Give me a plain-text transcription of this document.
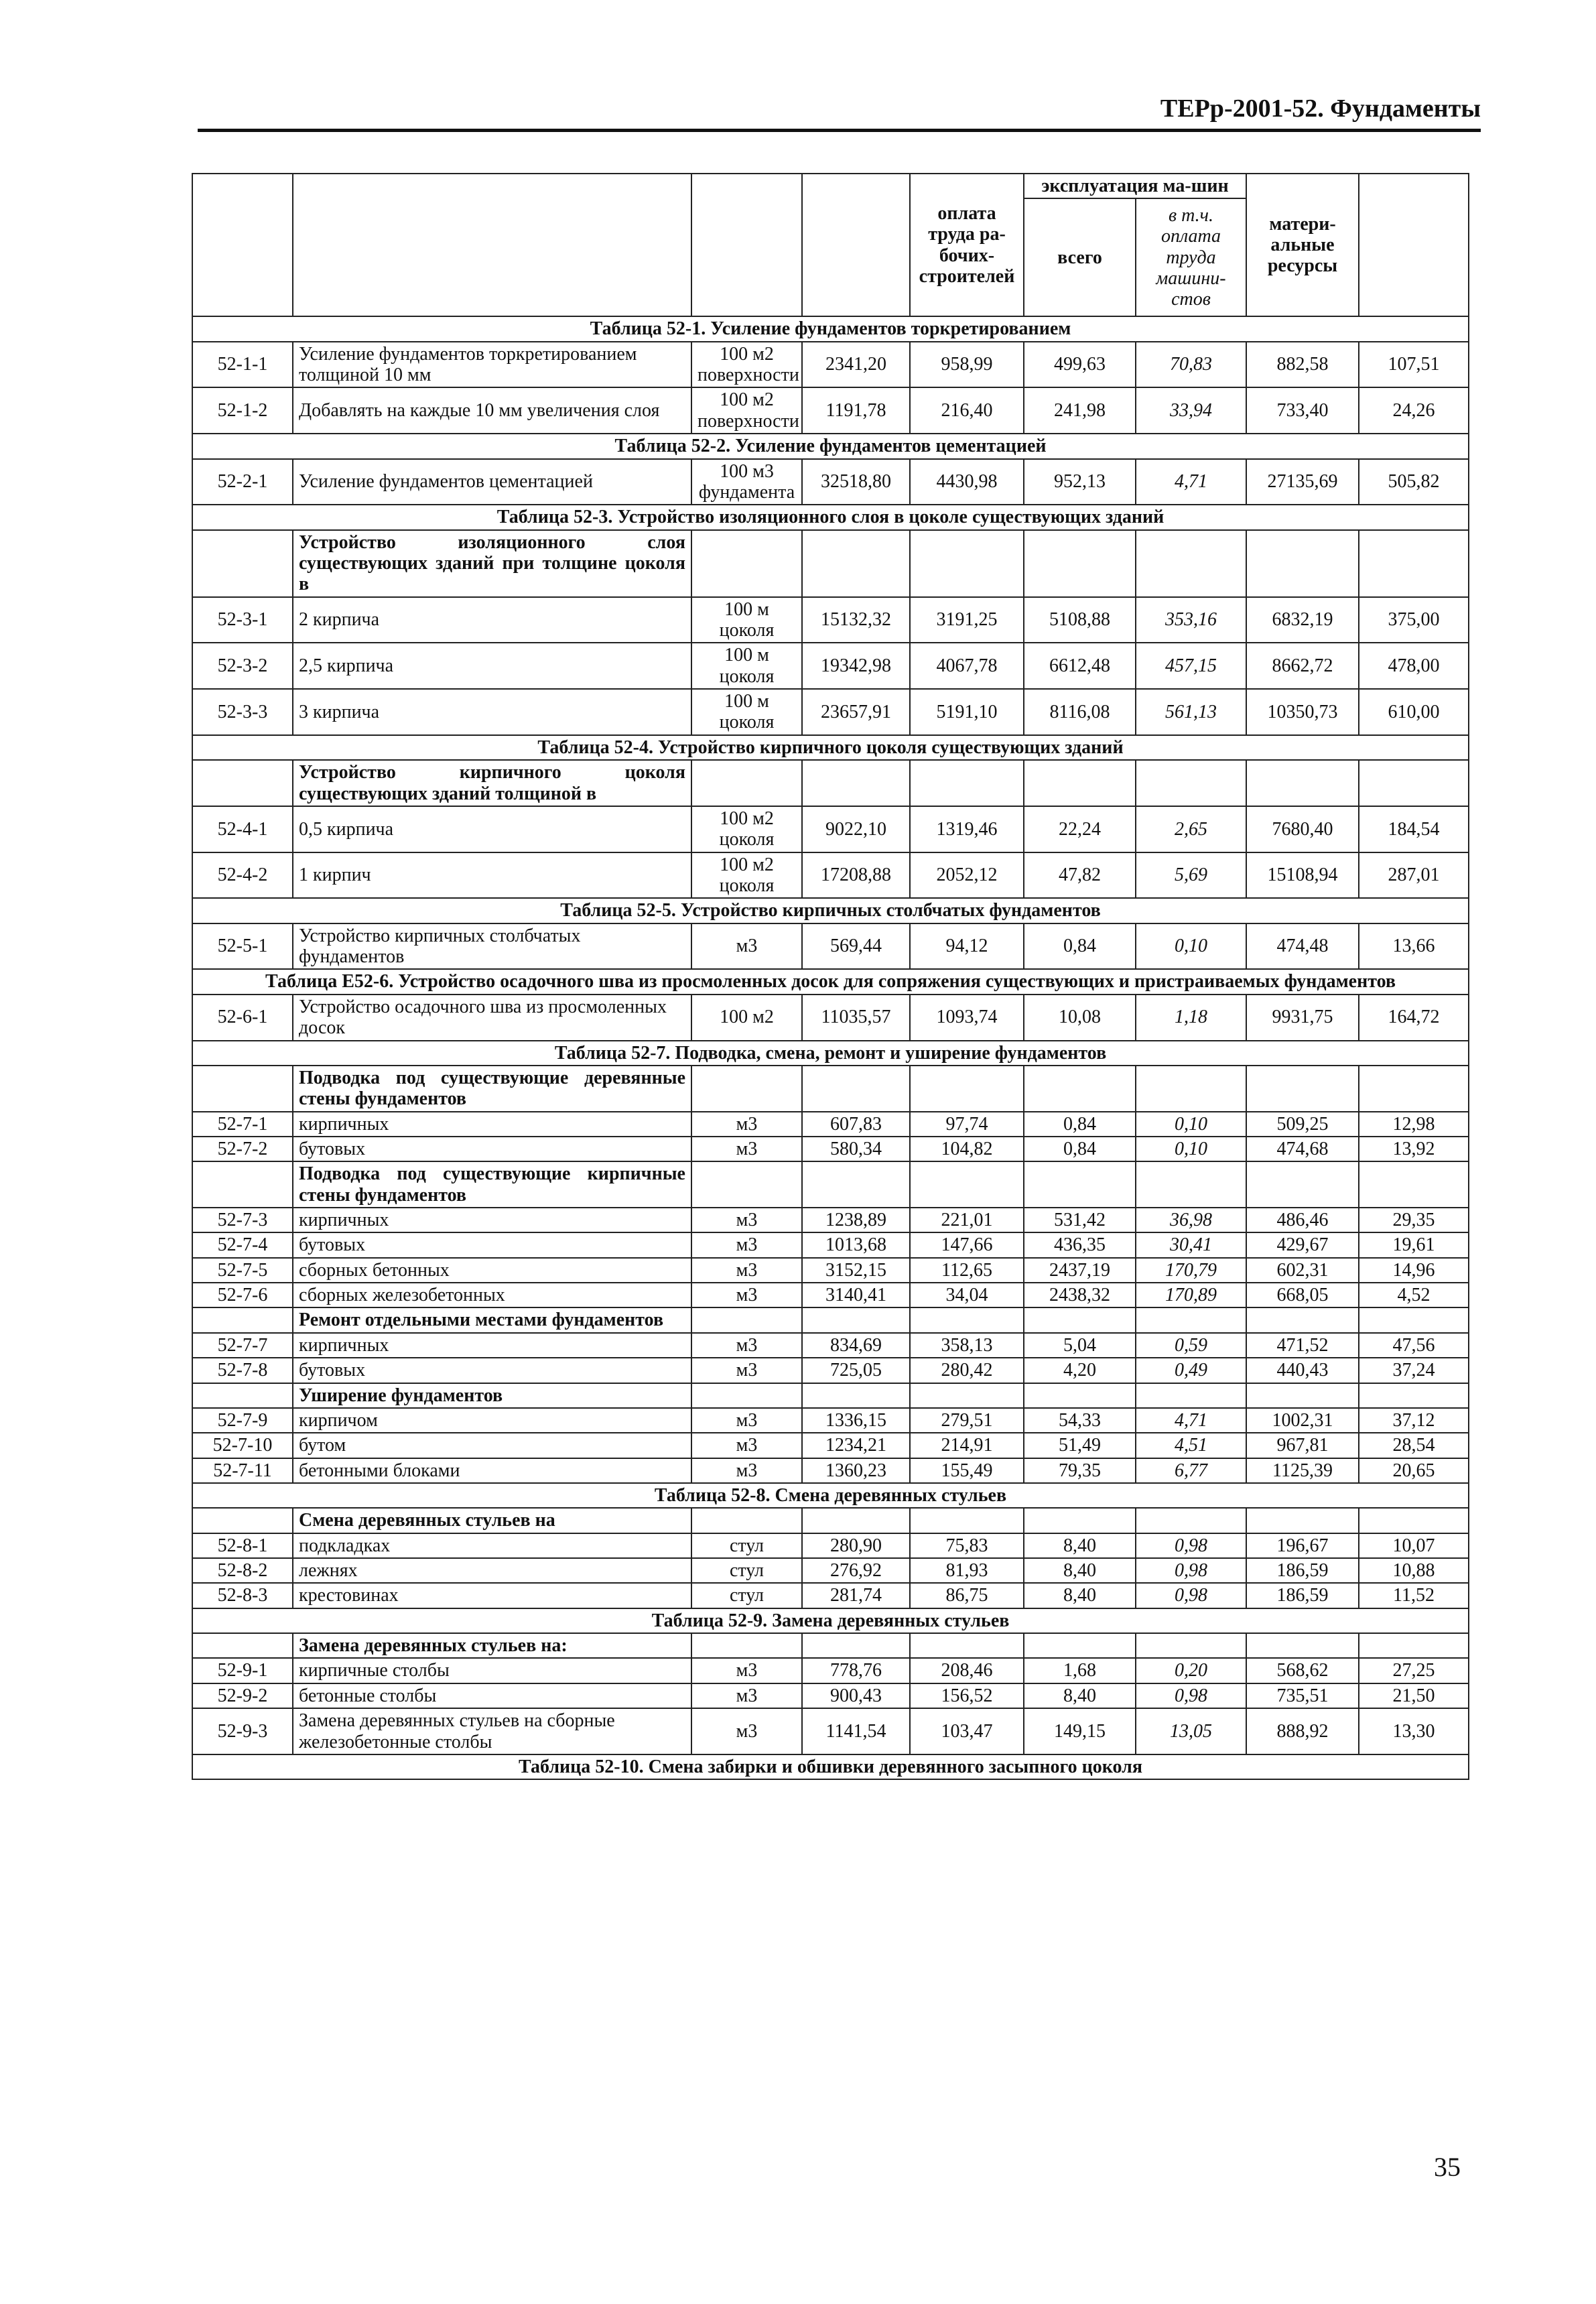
ТЕРр-2001-52. Фундаменты
				оплата труда ра-бочих-строителей	эксплуатация ма-шин		матери-альные ресурсы	
					всего	в т.ч. оплата труда машини-стов		
Таблица 52-1. Усиление фундаментов торкретированием								
52-1-1	Усиление фундаментов торкретированием толщиной 10 мм	100 м2 поверхности	2341,20	958,99	499,63	70,83	882,58	107,51
52-1-2	Добавлять на каждые 10 мм увеличения слоя	100 м2 поверхности	1191,78	216,40	241,98	33,94	733,40	24,26
Таблица 52-2. Усиление фундаментов цементацией								
52-2-1	Усиление фундаментов цементацией	100 м3 фундамента	32518,80	4430,98	952,13	4,71	27135,69	505,82
Таблица 52-3. Устройство изоляционного слоя в цоколе существующих зданий								
	Устройство изоляционного слоя существующих зданий при толщине цоколя в							
52-3-1	2 кирпича	100 м цоколя	15132,32	3191,25	5108,88	353,16	6832,19	375,00
52-3-2	2,5 кирпича	100 м цоколя	19342,98	4067,78	6612,48	457,15	8662,72	478,00
52-3-3	3 кирпича	100 м цоколя	23657,91	5191,10	8116,08	561,13	10350,73	610,00
Таблица 52-4. Устройство кирпичного цоколя существующих зданий								
	Устройство кирпичного цоколя существующих зданий толщиной в							
52-4-1	0,5 кирпича	100 м2 цоколя	9022,10	1319,46	22,24	2,65	7680,40	184,54
52-4-2	1 кирпич	100 м2 цоколя	17208,88	2052,12	47,82	5,69	15108,94	287,01
Таблица 52-5. Устройство кирпичных столбчатых фундаментов								
52-5-1	Устройство кирпичных столбчатых фундаментов	м3	569,44	94,12	0,84	0,10	474,48	13,66
Таблица Е52-6. Устройство осадочного шва из просмоленных досок для сопряжения существующих и пристраиваемых фундаментов								
52-6-1	Устройство осадочного шва из просмоленных досок	100 м2	11035,57	1093,74	10,08	1,18	9931,75	164,72
Таблица 52-7. Подводка, смена, ремонт и уширение фундаментов								
	Подводка под существующие деревянные стены фундаментов							
52-7-1	кирпичных	м3	607,83	97,74	0,84	0,10	509,25	12,98
52-7-2	бутовых	м3	580,34	104,82	0,84	0,10	474,68	13,92
	Подводка под существующие кирпичные стены фундаментов							
52-7-3	кирпичных	м3	1238,89	221,01	531,42	36,98	486,46	29,35
52-7-4	бутовых	м3	1013,68	147,66	436,35	30,41	429,67	19,61
52-7-5	сборных бетонных	м3	3152,15	112,65	2437,19	170,79	602,31	14,96
52-7-6	сборных железобетонных	м3	3140,41	34,04	2438,32	170,89	668,05	4,52
	Ремонт отдельными местами фундаментов							
52-7-7	кирпичных	м3	834,69	358,13	5,04	0,59	471,52	47,56
52-7-8	бутовых	м3	725,05	280,42	4,20	0,49	440,43	37,24
	Уширение фундаментов							
52-7-9	кирпичом	м3	1336,15	279,51	54,33	4,71	1002,31	37,12
52-7-10	бутом	м3	1234,21	214,91	51,49	4,51	967,81	28,54
52-7-11	бетонными блоками	м3	1360,23	155,49	79,35	6,77	1125,39	20,65
Таблица 52-8. Смена деревянных стульев								
	Смена деревянных стульев на							
52-8-1	подкладках	стул	280,90	75,83	8,40	0,98	196,67	10,07
52-8-2	лежнях	стул	276,92	81,93	8,40	0,98	186,59	10,88
52-8-3	крестовинах	стул	281,74	86,75	8,40	0,98	186,59	11,52
Таблица 52-9. Замена деревянных стульев								
	Замена деревянных стульев на:							
52-9-1	кирпичные столбы	м3	778,76	208,46	1,68	0,20	568,62	27,25
52-9-2	бетонные столбы	м3	900,43	156,52	8,40	0,98	735,51	21,50
52-9-3	Замена деревянных стульев на сборные железобетонные столбы	м3	1141,54	103,47	149,15	13,05	888,92	13,30
Таблица 52-10. Смена забирки и обшивки деревянного засыпного цоколя								
35
